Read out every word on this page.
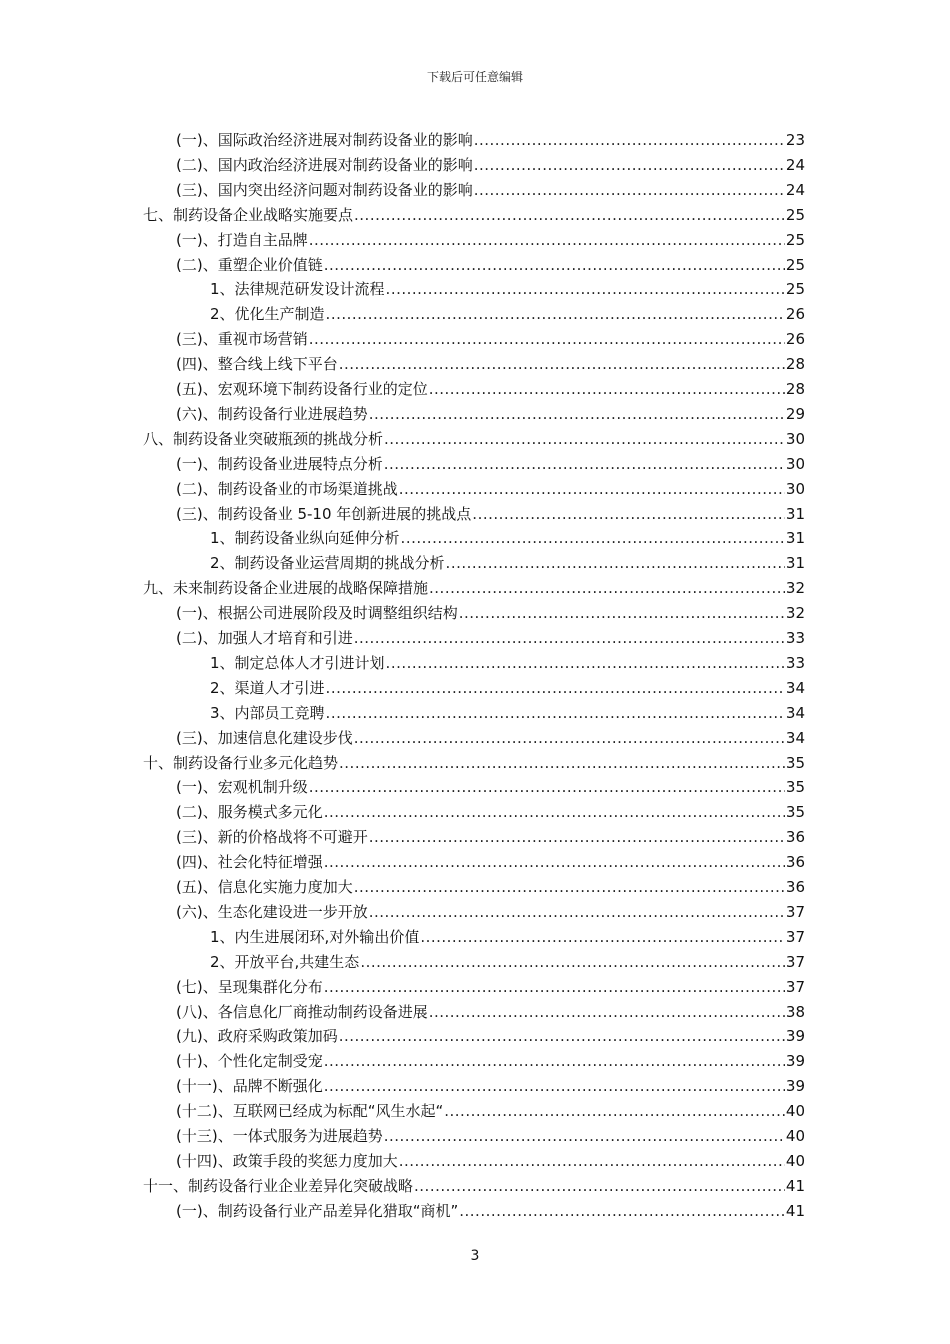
下载后可任意编辑
(一)、国际政治经济进展对制药设备业的影响 .....	23
(二)、国内政治经济进展对制药设备业的影响 .....	24
(三)、国内突出经济问题对制药设备业的影响 .....	24
七、制药设备企业战略实施要点 .....	25
(一)、打造自主品牌 .....	25
(二)、重塑企业价值链 .....	25
1、法律规范研发设计流程 .....	25
2、优化生产制造 .....	26
(三)、重视市场营销 .....	26
(四)、整合线上线下平台 .....	28
(五)、宏观环境下制药设备行业的定位 .....	28
(六)、制药设备行业进展趋势 .....	29
八、制药设备业突破瓶颈的挑战分析 .....	30
(一)、制药设备业进展特点分析 .....	30
(二)、制药设备业的市场渠道挑战 .....	30
(三)、制药设备业 5-10 年创新进展的挑战点 .....	31
1、制药设备业纵向延伸分析 .....	31
2、制药设备业运营周期的挑战分析 .....	31
九、未来制药设备企业进展的战略保障措施 .....	32
(一)、根据公司进展阶段及时调整组织结构 .....	32
(二)、加强人才培育和引进 .....	33
1、制定总体人才引进计划 .....	33
2、渠道人才引进 .....	34
3、内部员工竞聘 .....	34
(三)、加速信息化建设步伐 .....	34
十、制药设备行业多元化趋势 .....	35
(一)、宏观机制升级 .....	35
(二)、服务模式多元化 .....	35
(三)、新的价格战将不可避开 .....	36
(四)、社会化特征增强 .....	36
(五)、信息化实施力度加大 .....	36
(六)、生态化建设进一步开放 .....	37
1、内生进展闭环,对外输出价值 .....	37
2、开放平台,共建生态 .....	37
(七)、呈现集群化分布 .....	37
(八)、各信息化厂商推动制药设备进展 .....	38
(九)、政府采购政策加码 .....	39
(十)、个性化定制受宠 .....	39
(十一)、品牌不断强化 .....	39
(十二)、互联网已经成为标配“风生水起“ .....	40
(十三)、一体式服务为进展趋势 .....	40
(十四)、政策手段的奖惩力度加大 .....	40
十一、制药设备行业企业差异化突破战略 .....	41
(一)、制药设备行业产品差异化猎取“商机” .....	41
3
